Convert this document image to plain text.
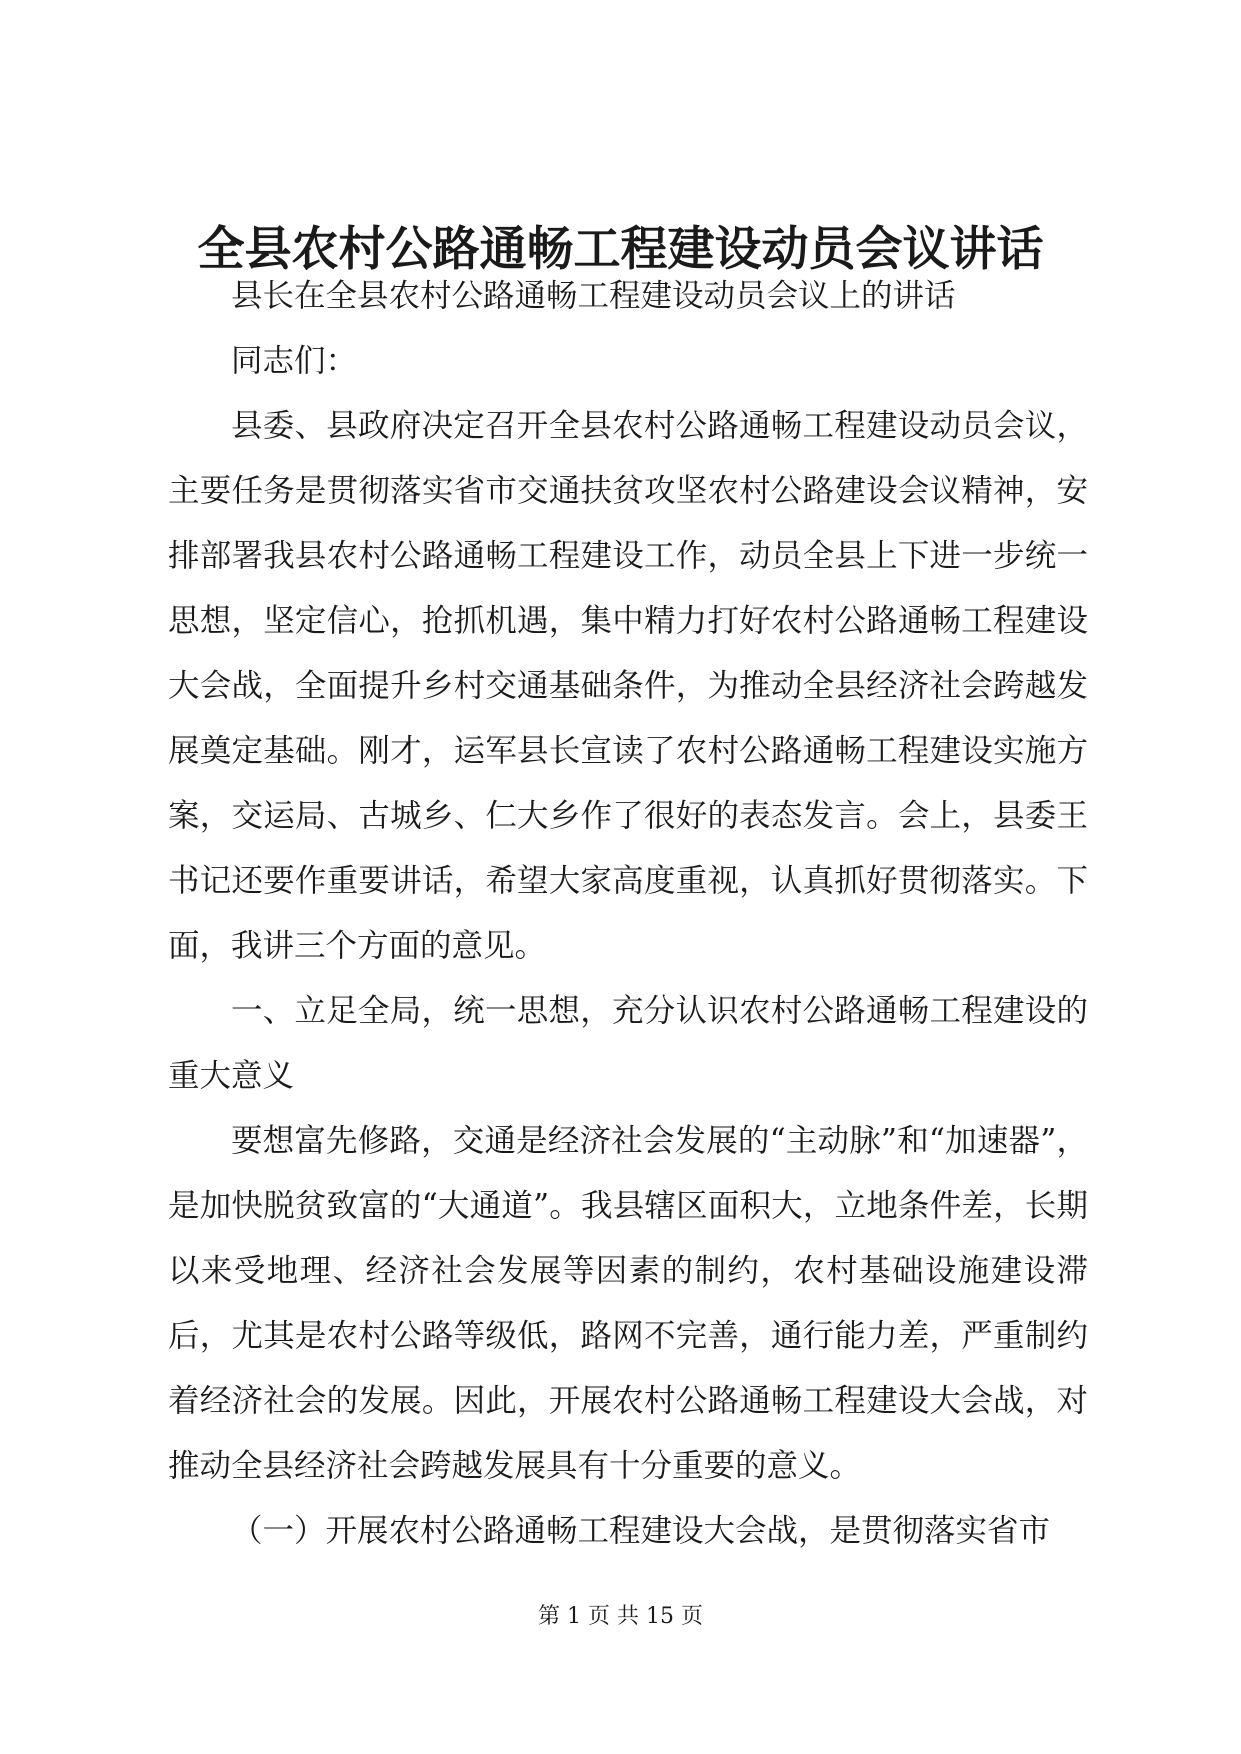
全县农村公路通畅工程建设动员会议讲话

县长在全县农村公路通畅工程建设动员会议上的讲话

同志们：

县委、县政府决定召开全县农村公路通畅工程建设动员会议，主要任务是贯彻落实省市交通扶贫攻坚农村公路建设会议精神，安排部署我县农村公路通畅工程建设工作，动员全县上下进一步统一思想，坚定信心，抢抓机遇，集中精力打好农村公路通畅工程建设大会战，全面提升乡村交通基础条件，为推动全县经济社会跨越发展奠定基础。刚才，运军县长宣读了农村公路通畅工程建设实施方案，交运局、古城乡、仁大乡作了很好的表态发言。会上，县委王书记还要作重要讲话，希望大家高度重视，认真抓好贯彻落实。下面，我讲三个方面的意见。

一、立足全局，统一思想，充分认识农村公路通畅工程建设的重大意义

要想富先修路，交通是经济社会发展的“主动脉”和“加速器”，是加快脱贫致富的“大通道”。我县辖区面积大，立地条件差，长期以来受地理、经济社会发展等因素的制约，农村基础设施建设滞后，尤其是农村公路等级低，路网不完善，通行能力差，严重制约着经济社会的发展。因此，开展农村公路通畅工程建设大会战，对推动全县经济社会跨越发展具有十分重要的意义。

（一）开展农村公路通畅工程建设大会战，是贯彻落实省市

第 1 页 共 15 页
